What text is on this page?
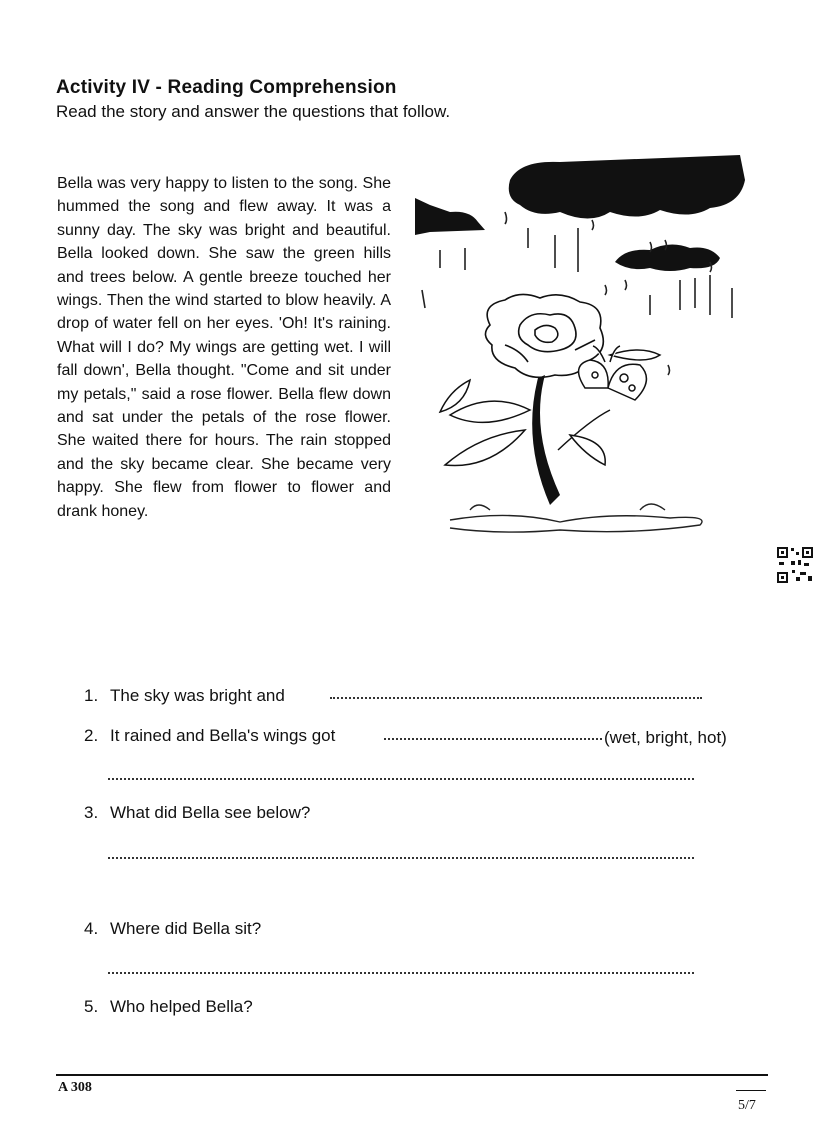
Activity IV - Reading Comprehension
Read the story and answer the questions that follow.
Bella was very happy to listen to the song. She hummed the song and flew away. It was a sunny day. The sky was bright and beautiful. Bella looked down. She saw the green hills and trees below. A gentle breeze touched her wings. Then the wind started to blow heavily. A drop of water fell on her eyes. 'Oh! It's raining. What will I do? My wings are getting wet. I will fall down', Bella thought. "Come and sit under my petals," said a rose flower. Bella flew down and sat under the petals of the rose flower. She waited there for hours. The rain stopped and the sky became clear. She became very happy. She flew from flower to flower and drank honey.
1. The sky was bright and
2. It rained and Bella's wings got	(wet, bright, hot)
3. What did Bella see below?
4. Where did Bella sit?
5. Who helped Bella?
A 308
5/7
